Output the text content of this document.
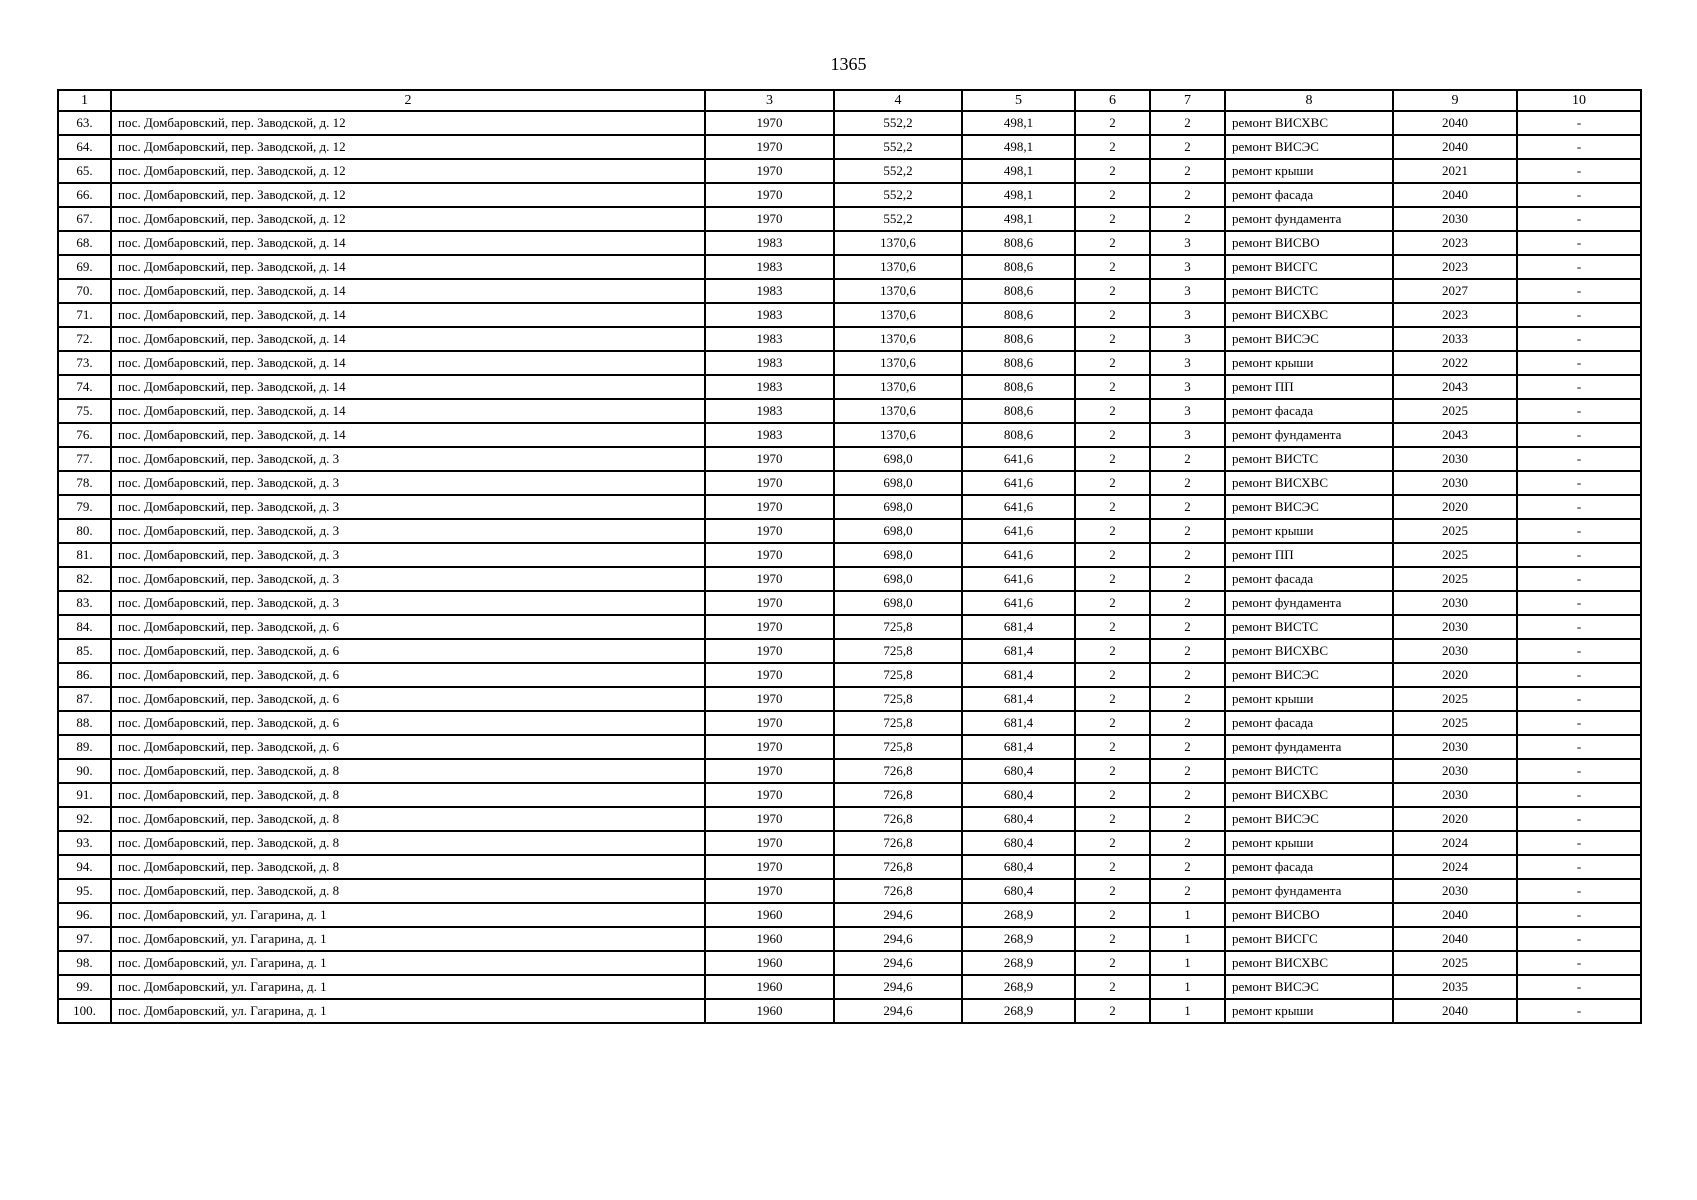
1365
1	2	3	4	5	6	7	8	9	10
63.	пос. Домбаровский, пер. Заводской, д. 12	1970	552,2	498,1	2	2	ремонт ВИСХВС	2040	-
64.	пос. Домбаровский, пер. Заводской, д. 12	1970	552,2	498,1	2	2	ремонт ВИСЭС	2040	-
65.	пос. Домбаровский, пер. Заводской, д. 12	1970	552,2	498,1	2	2	ремонт крыши	2021	-
66.	пос. Домбаровский, пер. Заводской, д. 12	1970	552,2	498,1	2	2	ремонт фасада	2040	-
67.	пос. Домбаровский, пер. Заводской, д. 12	1970	552,2	498,1	2	2	ремонт фундамента	2030	-
68.	пос. Домбаровский, пер. Заводской, д. 14	1983	1370,6	808,6	2	3	ремонт ВИСВО	2023	-
69.	пос. Домбаровский, пер. Заводской, д. 14	1983	1370,6	808,6	2	3	ремонт ВИСГС	2023	-
70.	пос. Домбаровский, пер. Заводской, д. 14	1983	1370,6	808,6	2	3	ремонт ВИСТС	2027	-
71.	пос. Домбаровский, пер. Заводской, д. 14	1983	1370,6	808,6	2	3	ремонт ВИСХВС	2023	-
72.	пос. Домбаровский, пер. Заводской, д. 14	1983	1370,6	808,6	2	3	ремонт ВИСЭС	2033	-
73.	пос. Домбаровский, пер. Заводской, д. 14	1983	1370,6	808,6	2	3	ремонт крыши	2022	-
74.	пос. Домбаровский, пер. Заводской, д. 14	1983	1370,6	808,6	2	3	ремонт ПП	2043	-
75.	пос. Домбаровский, пер. Заводской, д. 14	1983	1370,6	808,6	2	3	ремонт фасада	2025	-
76.	пос. Домбаровский, пер. Заводской, д. 14	1983	1370,6	808,6	2	3	ремонт фундамента	2043	-
77.	пос. Домбаровский, пер. Заводской, д. 3	1970	698,0	641,6	2	2	ремонт ВИСТС	2030	-
78.	пос. Домбаровский, пер. Заводской, д. 3	1970	698,0	641,6	2	2	ремонт ВИСХВС	2030	-
79.	пос. Домбаровский, пер. Заводской, д. 3	1970	698,0	641,6	2	2	ремонт ВИСЭС	2020	-
80.	пос. Домбаровский, пер. Заводской, д. 3	1970	698,0	641,6	2	2	ремонт крыши	2025	-
81.	пос. Домбаровский, пер. Заводской, д. 3	1970	698,0	641,6	2	2	ремонт ПП	2025	-
82.	пос. Домбаровский, пер. Заводской, д. 3	1970	698,0	641,6	2	2	ремонт фасада	2025	-
83.	пос. Домбаровский, пер. Заводской, д. 3	1970	698,0	641,6	2	2	ремонт фундамента	2030	-
84.	пос. Домбаровский, пер. Заводской, д. 6	1970	725,8	681,4	2	2	ремонт ВИСТС	2030	-
85.	пос. Домбаровский, пер. Заводской, д. 6	1970	725,8	681,4	2	2	ремонт ВИСХВС	2030	-
86.	пос. Домбаровский, пер. Заводской, д. 6	1970	725,8	681,4	2	2	ремонт ВИСЭС	2020	-
87.	пос. Домбаровский, пер. Заводской, д. 6	1970	725,8	681,4	2	2	ремонт крыши	2025	-
88.	пос. Домбаровский, пер. Заводской, д. 6	1970	725,8	681,4	2	2	ремонт фасада	2025	-
89.	пос. Домбаровский, пер. Заводской, д. 6	1970	725,8	681,4	2	2	ремонт фундамента	2030	-
90.	пос. Домбаровский, пер. Заводской, д. 8	1970	726,8	680,4	2	2	ремонт ВИСТС	2030	-
91.	пос. Домбаровский, пер. Заводской, д. 8	1970	726,8	680,4	2	2	ремонт ВИСХВС	2030	-
92.	пос. Домбаровский, пер. Заводской, д. 8	1970	726,8	680,4	2	2	ремонт ВИСЭС	2020	-
93.	пос. Домбаровский, пер. Заводской, д. 8	1970	726,8	680,4	2	2	ремонт крыши	2024	-
94.	пос. Домбаровский, пер. Заводской, д. 8	1970	726,8	680,4	2	2	ремонт фасада	2024	-
95.	пос. Домбаровский, пер. Заводской, д. 8	1970	726,8	680,4	2	2	ремонт фундамента	2030	-
96.	пос. Домбаровский, ул. Гагарина, д. 1	1960	294,6	268,9	2	1	ремонт ВИСВО	2040	-
97.	пос. Домбаровский, ул. Гагарина, д. 1	1960	294,6	268,9	2	1	ремонт ВИСГС	2040	-
98.	пос. Домбаровский, ул. Гагарина, д. 1	1960	294,6	268,9	2	1	ремонт ВИСХВС	2025	-
99.	пос. Домбаровский, ул. Гагарина, д. 1	1960	294,6	268,9	2	1	ремонт ВИСЭС	2035	-
100.	пос. Домбаровский, ул. Гагарина, д. 1	1960	294,6	268,9	2	1	ремонт крыши	2040	-
